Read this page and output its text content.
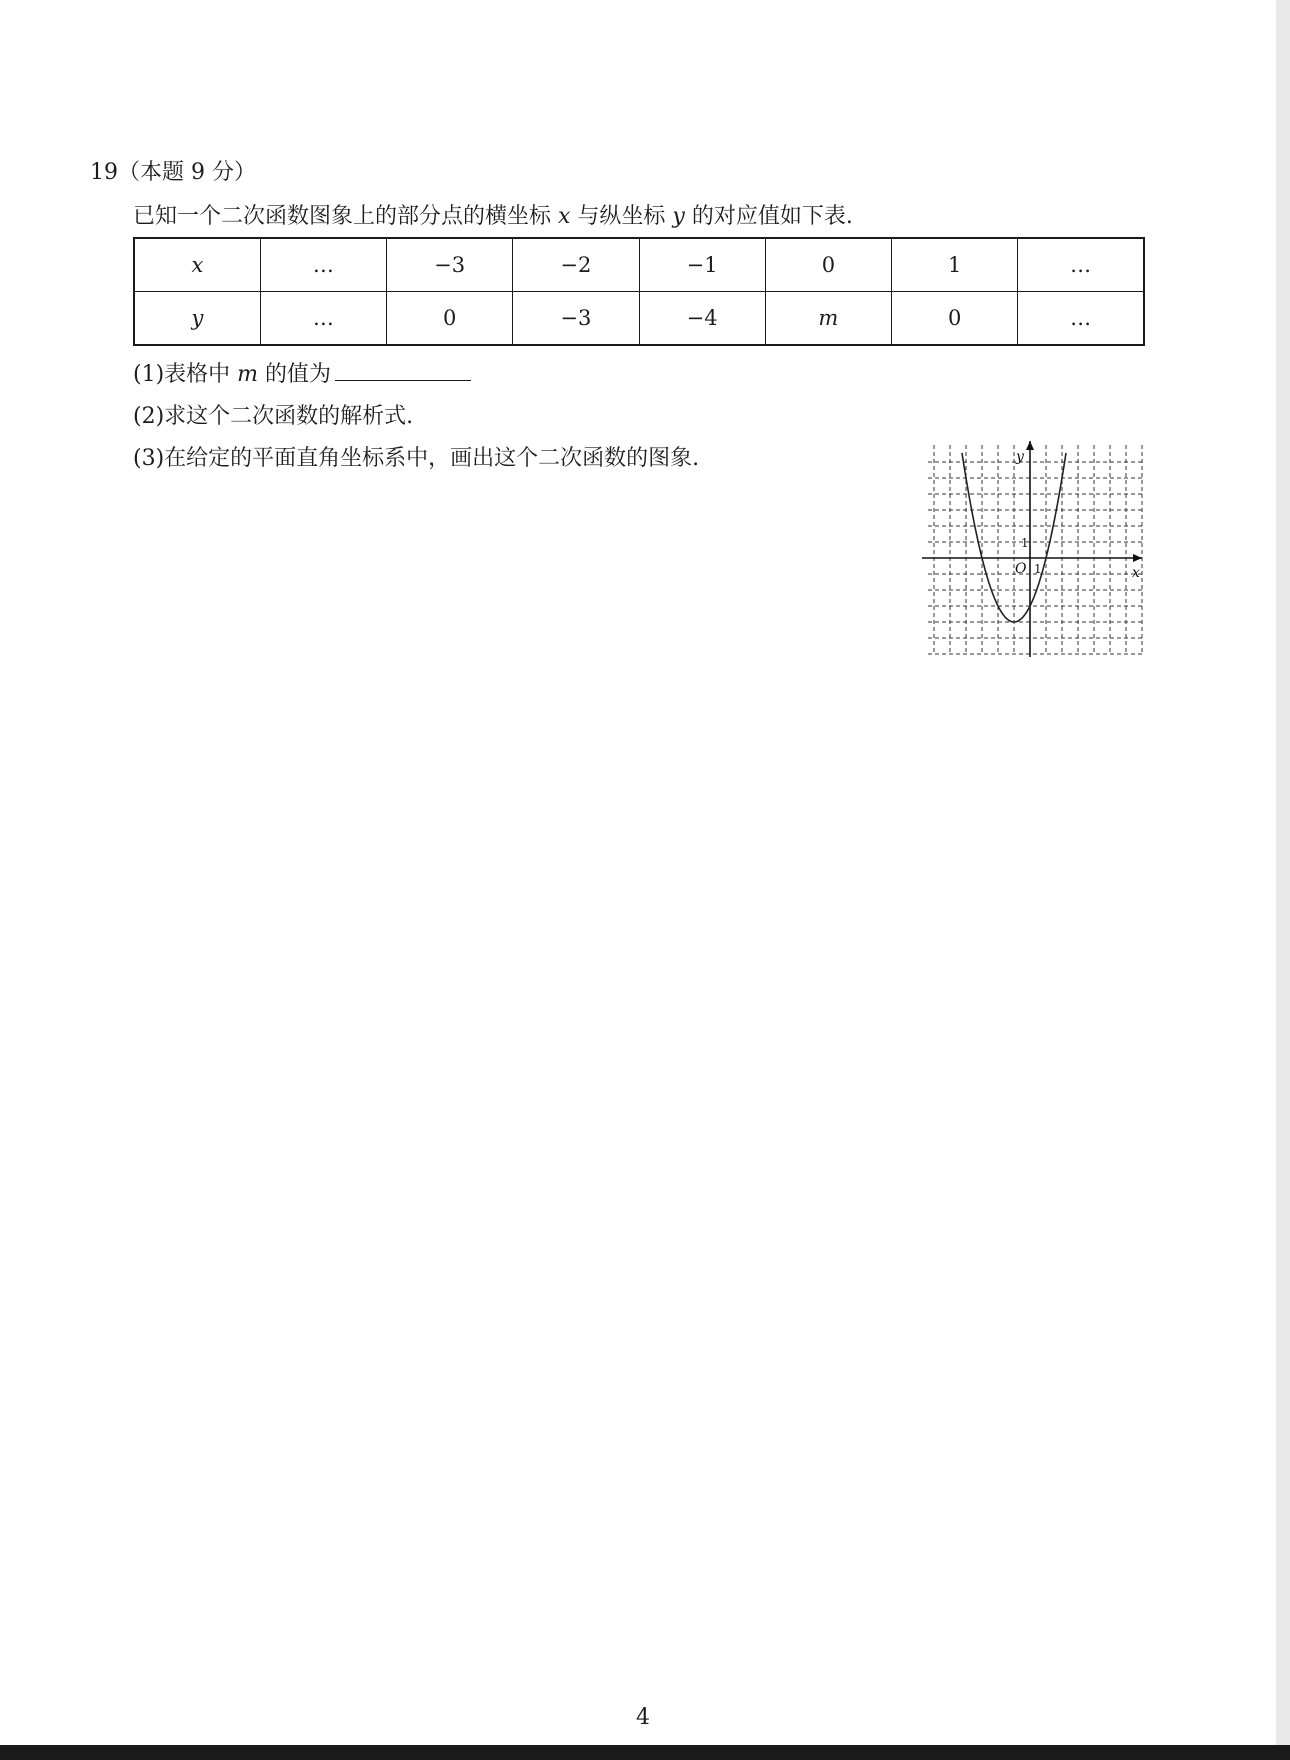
19（本题 9 分）
已知一个二次函数图象上的部分点的横坐标 x 与纵坐标 y 的对应值如下表.
x	…	−3	−2	−1	0	1	…
y	…	0	−3	−4	m	0	…
(1)表格中 m 的值为
(2)求这个二次函数的解析式.
(3)在给定的平面直角坐标系中，画出这个二次函数的图象.	y
x
O 1
1
4
